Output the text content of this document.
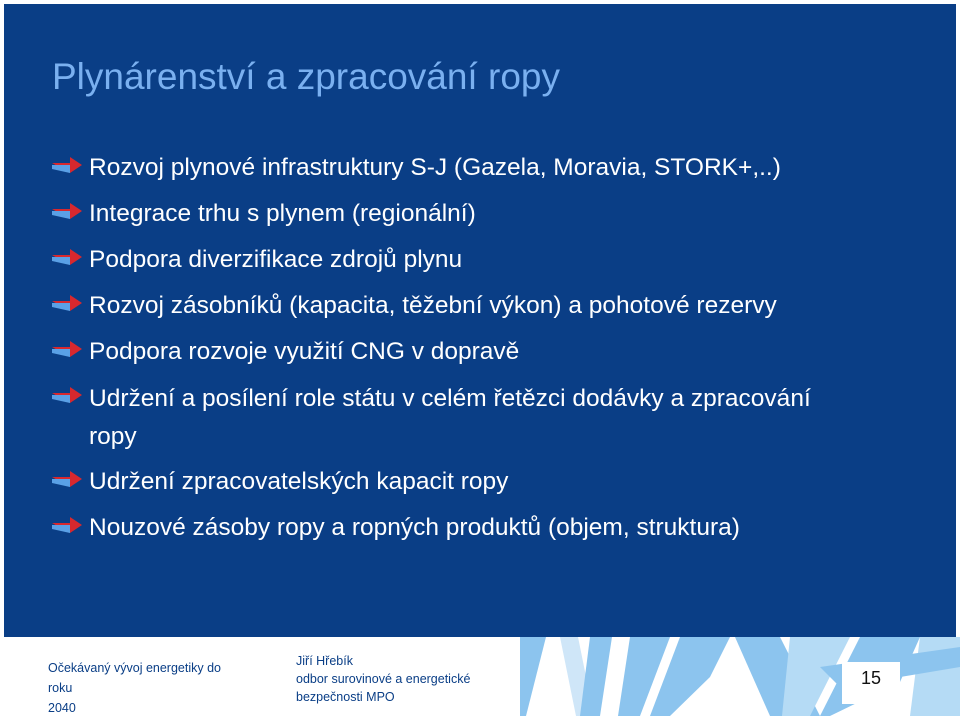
Plynárenství a zpracování ropy
Rozvoj plynové infrastruktury S-J (Gazela, Moravia, STORK+,..)
Integrace trhu s plynem (regionální)
Podpora diverzifikace zdrojů plynu
Rozvoj zásobníků (kapacita, těžební výkon) a pohotové rezervy
Podpora rozvoje využití CNG v dopravě
Udržení a posílení role státu v celém řetězci dodávky a zpracování ropy
Udržení zpracovatelských kapacit ropy
Nouzové zásoby ropy a ropných produktů (objem, struktura)
Očekávaný vývoj energetiky do roku
2040
Jiří Hřebík
odbor surovinové a energetické
bezpečnosti MPO
15
